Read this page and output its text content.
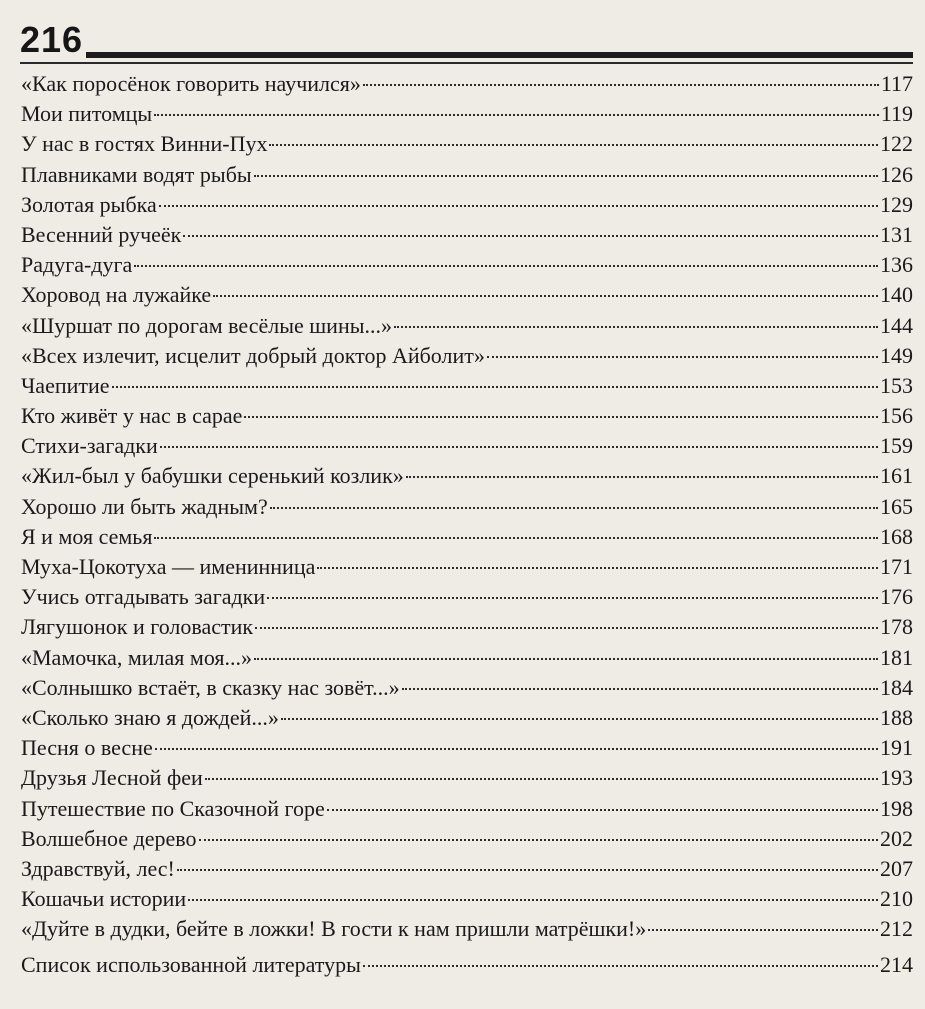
216
«Как поросёнок говорить научился»	117
Мои питомцы	119
У нас в гостях Винни-Пух	122
Плавниками водят рыбы	126
Золотая рыбка	129
Весенний ручеёк	131
Радуга-дуга	136
Хоровод на лужайке	140
«Шуршат по дорогам весёлые шины...»	144
«Всех излечит, исцелит добрый доктор Айболит»	149
Чаепитие	153
Кто живёт у нас в сарае	156
Стихи-загадки	159
«Жил-был у бабушки серенький козлик»	161
Хорошо ли быть жадным?	165
Я и моя семья	168
Муха-Цокотуха — именинница	171
Учись отгадывать загадки	176
Лягушонок и головастик	178
«Мамочка, милая моя...»	181
«Солнышко встаёт, в сказку нас зовёт...»	184
«Сколько знаю я дождей...»	188
Песня о весне	191
Друзья Лесной феи	193
Путешествие по Сказочной горе	198
Волшебное дерево	202
Здравствуй, лес!	207
Кошачьи истории	210
«Дуйте в дудки, бейте в ложки! В гости к нам пришли матрёшки!»	212
Список использованной литературы	214
